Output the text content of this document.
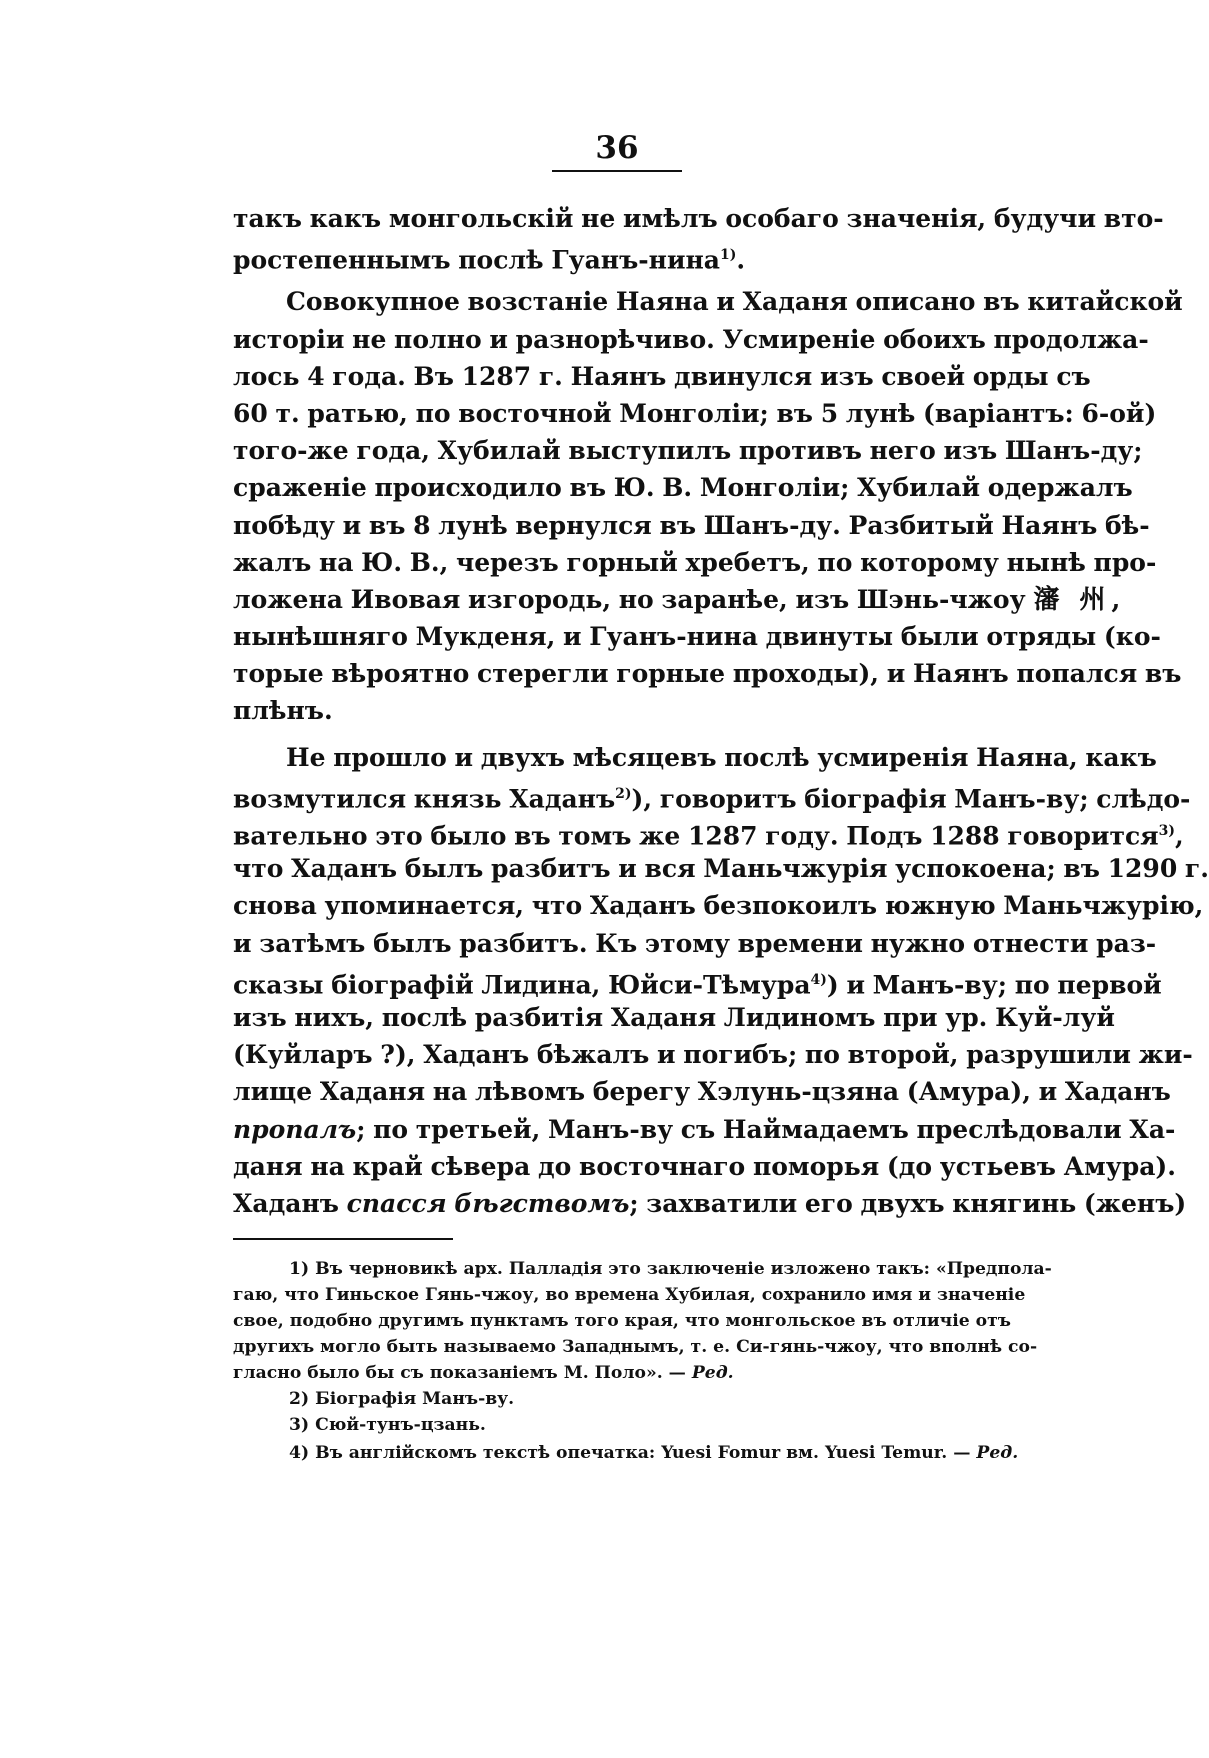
36
такъ какъ монгольскій не имѣлъ особаго значенія, будучи вто-
ростепеннымъ послѣ Гуанъ-нина$^{1)}$.
Совокупное возстаніе Наяна и Хаданя описано въ китайской
исторіи не полно и разнорѣчиво. Усмиреніе обоихъ продолжа-
лось 4 года. Въ 1287 г. Наянъ двинулся изъ своей орды съ
60 т. ратью, по восточной Монголіи; въ 5 лунѣ (варіантъ: 6-ой)
того-же года, Хубилай выступилъ противъ него изъ Шанъ-ду;
сраженіе происходило въ Ю. В. Монголіи; Хубилай одержалъ
побѣду и въ 8 лунѣ вернулся въ Шанъ-ду. Разбитый Наянъ бѣ-
жалъ на Ю. В., черезъ горный хребетъ, по которому нынѣ про-
ложена Ивовая изгородь, но заранѣе, изъ Шэнь-чжоу 瀋 州,
нынѣшняго Мукденя, и Гуанъ-нина двинуты были отряды (ко-
торые вѣроятно стерегли горные проходы), и Наянъ попался въ
плѣнъ.
Не прошло и двухъ мѣсяцевъ послѣ усмиренія Наяна, какъ
возмутился князь Хаданъ$^{2)}$), говоритъ біографія Манъ-ву; слѣдо-
вательно это было въ томъ же 1287 году. Подъ 1288 говорится$^{3)}$,
что Хаданъ былъ разбитъ и вся Маньчжурія успокоена; въ 1290 г.
снова упоминается, что Хаданъ безпокоилъ южную Маньчжурію,
и затѣмъ былъ разбитъ. Къ этому времени нужно отнести раз-
сказы біографій Лидина, Юйси-Тѣмура$^{4)}$) и Манъ-ву; по первой
изъ нихъ, послѣ разбитія Хаданя Лидиномъ при ур. Куй-луй
(Куйларъ ?), Хаданъ бѣжалъ и погибъ; по второй, разрушили жи-
лище Хаданя на лѣвомъ берегу Хэлунь-цзяна (Амура), и Хаданъ
пропалъ; по третьей, Манъ-ву съ Наймадаемъ преслѣдовали Ха-
даня на край сѣвера до восточнаго поморья (до устьевъ Амура).
Хаданъ спасся бѣгствомъ; захватили его двухъ княгинь (женъ)
1) Въ черновикѣ арх. Палладія это заключеніе изложено такъ: «Предпола-
гаю, что Гиньское Гянь-чжоу, во времена Хубилая, сохранило имя и значеніе
свое, подобно другимъ пунктамъ того края, что монгольское въ отличіе отъ
другихъ могло быть называемо Западнымъ, т. е. Си-гянь-чжоу, что вполнѣ со-
гласно было бы съ показаніемъ М. Поло». — Ред.
2) Біографія Манъ-ву.
3) Сюй-тунъ-цзань.
4) Въ англійскомъ текстѣ опечатка: Yuesi Fomur вм. Yuesi Temur. — Ред.
